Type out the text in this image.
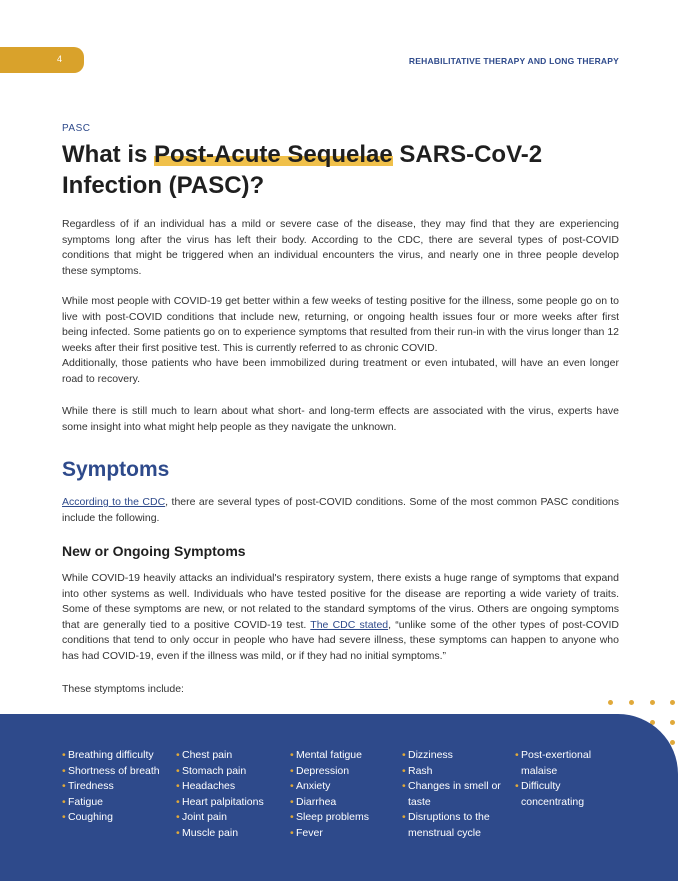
4	REHABILITATIVE THERAPY AND LONG THERAPY
PASC
What is Post-Acute Sequelae SARS-CoV-2 Infection (PASC)?

Regardless of if an individual has a mild or severe case of the disease, they may find that they are experiencing symptoms long after the virus has left their body. According to the CDC, there are several types of post-COVID conditions that might be triggered when an individual encounters the virus, and nearly one in three people develop these symptoms.

While most people with COVID-19 get better within a few weeks of testing positive for the illness, some people go on to live with post-COVID conditions that include new, returning, or ongoing health issues four or more weeks after first being infected. Some patients go on to experience symptoms that resulted from their run-in with the virus longer than 12 weeks after their first positive test. This is currently referred to as chronic COVID.
Additionally, those patients who have been immobilized during treatment or even intubated, will have an even longer road to recovery.

While there is still much to learn about what short- and long-term effects are associated with the virus, experts have some insight into what might help people as they navigate the unknown.

Symptoms

According to the CDC, there are several types of post-COVID conditions. Some of the most common PASC conditions include the following.

New or Ongoing Symptoms

While COVID-19 heavily attacks an individual's respiratory system, there exists a huge range of symptoms that expand into other systems as well. Individuals who have tested positive for the disease are reporting a wide variety of traits. Some of these symptoms are new, or not related to the standard symptoms of the virus. Others are ongoing symptoms that are generally tied to a positive COVID-19 test. The CDC stated, “unlike some of the other types of post-COVID conditions that tend to only occur in people who have had severe illness, these symptoms can happen to anyone who has had COVID-19, even if the illness was mild, or if they had no initial symptoms.”

These stymptoms include:

• Breathing difficulty
• Shortness of breath
• Tiredness
• Fatigue
• Coughing
• Chest pain
• Stomach pain
• Headaches
• Heart palpitations
• Joint pain
• Muscle pain
• Mental fatigue
• Depression
• Anxiety
• Diarrhea
• Sleep problems
• Fever
• Dizziness
• Rash
• Changes in smell or taste
• Disruptions to the menstrual cycle
• Post-exertional malaise
• Difficulty concentrating
